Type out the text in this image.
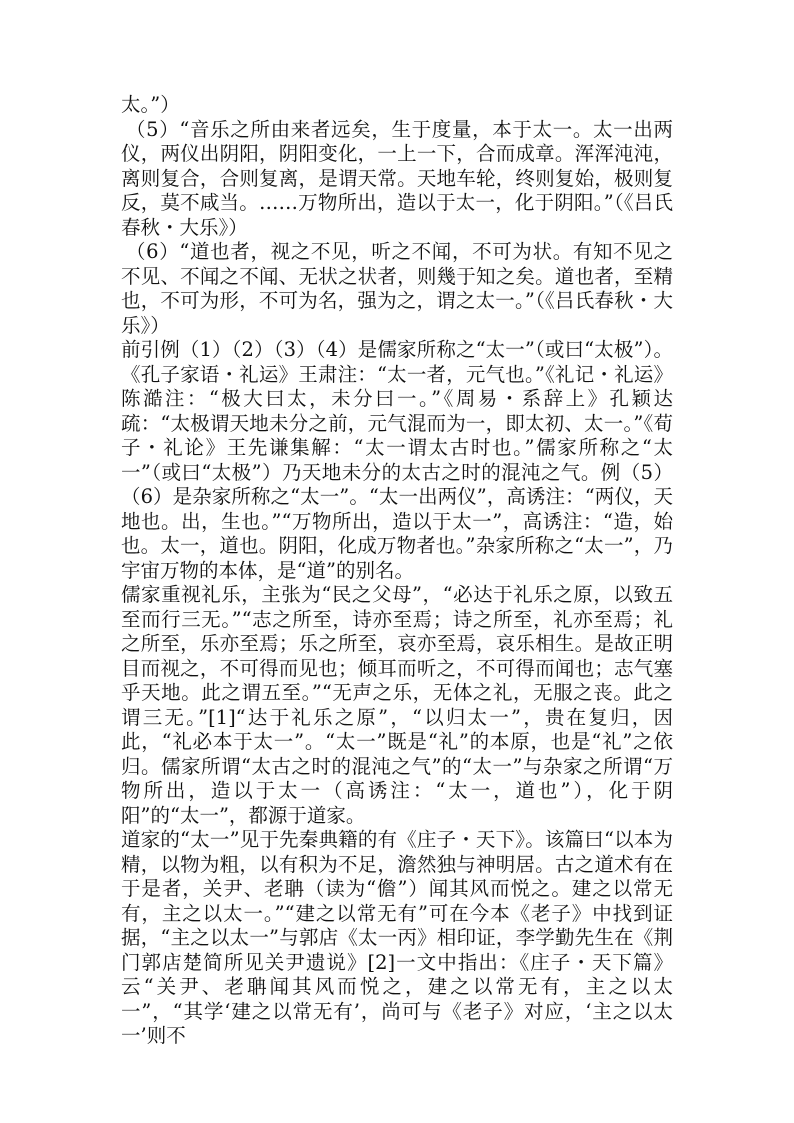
太。”）

（5）“音乐之所由来者远矣，生于度量，本于太一。太一出两仪，两仪出阴阳，阴阳变化，一上一下，合而成章。浑浑沌沌，离则复合，合则复离，是谓天常。天地车轮，终则复始，极则复反，莫不咸当。……万物所出，造以于太一，化于阴阳。”（《吕氏春秋・大乐》）

（6）“道也者，视之不见，听之不闻，不可为状。有知不见之不见、不闻之不闻、无状之状者，则幾于知之矣。道也者，至精也，不可为形，不可为名，强为之，谓之太一。”（《吕氏春秋・大乐》）

前引例（1）（2）（3）（4）是儒家所称之“太一”（或曰“太极”）。《孔子家语・礼运》王肃注：“太一者，元气也。”《礼记・礼运》陈澔注：“极大曰太，未分曰一。”《周易・系辞上》孔颖达疏：“太极谓天地未分之前，元气混而为一，即太初、太一。”《荀子・礼论》王先谦集解：“太一谓太古时也。”儒家所称之“太一”（或曰“太极”）乃天地未分的太古之时的混沌之气。例（5）（6）是杂家所称之“太一”。“太一出两仪”，高诱注：“两仪，天地也。出，生也。”“万物所出，造以于太一”，高诱注：“造，始也。太一，道也。阴阳，化成万物者也。”杂家所称之“太一”，乃宇宙万物的本体，是“道”的别名。

儒家重视礼乐，主张为“民之父母”，“必达于礼乐之原，以致五至而行三无。”“志之所至，诗亦至焉；诗之所至，礼亦至焉；礼之所至，乐亦至焉；乐之所至，哀亦至焉，哀乐相生。是故正明目而视之，不可得而见也；倾耳而听之，不可得而闻也；志气塞乎天地。此之谓五至。”“无声之乐，无体之礼，无服之丧。此之谓三无。”[1]“达于礼乐之原”，“以归太一”，贵在复归，因此，“礼必本于太一”。“太一”既是“礼”的本原，也是“礼”之依归。儒家所谓“太古之时的混沌之气”的“太一”与杂家之所谓“万物所出，造以于太一（高诱注：“太一，道也”），化于阴阳”的“太一”，都源于道家。

道家的“太一”见于先秦典籍的有《庄子・天下》。该篇曰“以本为精，以物为粗，以有积为不足，澹然独与神明居。古之道术有在于是者，关尹、老聃（读为“儋”）闻其风而悦之。建之以常无有，主之以太一。”“建之以常无有”可在今本《老子》中找到证据，“主之以太一”与郭店《太一丙》相印证，李学勤先生在《荆门郭店楚简所见关尹遗说》[2]一文中指出：《庄子・天下篇》云“关尹、老聃闻其风而悦之，建之以常无有，主之以太一”，“其学‘建之以常无有’，尚可与《老子》对应，‘主之以太一’则不
